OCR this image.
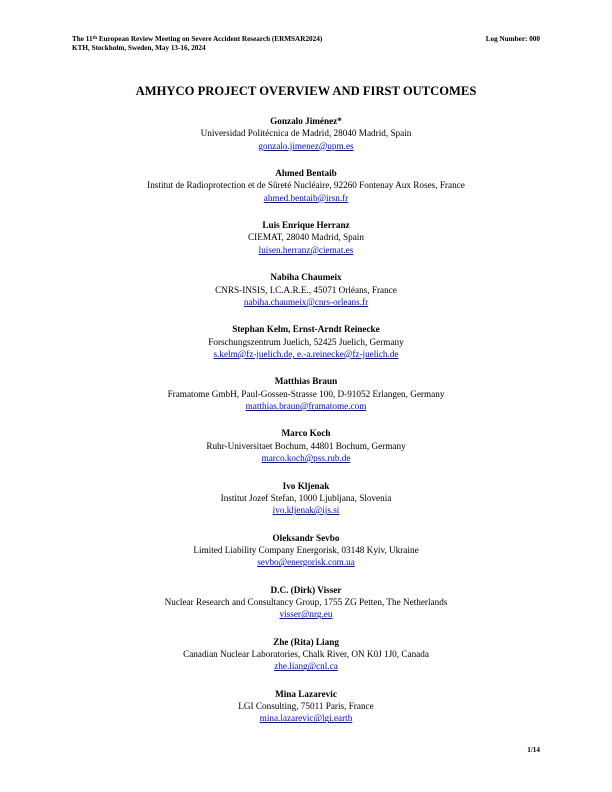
The 11th European Review Meeting on Severe Accident Research (ERMSAR2024)
KTH, Stockholm, Sweden, May 13-16, 2024
Log Number: 000
AMHYCO PROJECT OVERVIEW AND FIRST OUTCOMES
Gonzalo Jiménez*
Universidad Politécnica de Madrid, 28040 Madrid, Spain
gonzalo.jimenez@upm.es
Ahmed Bentaib
Institut de Radioprotection et de Sûreté Nucléaire, 92260 Fontenay Aux Roses, France
ahmed.bentaib@irsn.fr
Luis Enrique Herranz
CIEMAT, 28040 Madrid, Spain
luisen.herranz@ciemat.es
Nabiha Chaumeix
CNRS-INSIS, I.C.A.R.E., 45071 Orléans, France
nabiha.chaumeix@cnrs-orleans.fr
Stephan Kelm, Ernst-Arndt Reinecke
Forschungszentrum Juelich, 52425 Juelich, Germany
s.kelm@fz-juelich.de, e.-a.reinecke@fz-juelich.de
Matthias Braun
Framatome GmbH, Paul-Gossen-Strasse 100, D-91052 Erlangen, Germany
matthias.braun@framatome.com
Marco Koch
Ruhr-Universitaet Bochum, 44801 Bochum, Germany
marco.koch@pss.rub.de
Ivo Kljenak
Institut Jozef Stefan, 1000 Ljubljana, Slovenia
ivo.kljenak@ijs.si
Oleksandr Sevbo
Limited Liability Company Energorisk, 03148 Kyiv, Ukraine
sevbo@energorisk.com.ua
D.C. (Dirk) Visser
Nuclear Research and Consultancy Group, 1755 ZG Petten, The Netherlands
visser@nrg.eu
Zhe (Rita) Liang
Canadian Nuclear Laboratories, Chalk River, ON K0J 1J0, Canada
zhe.liang@cnl.ca
Mina Lazarevic
LGI Consulting, 75011 Paris, France
mina.lazarevic@lgi.earth
1/14
